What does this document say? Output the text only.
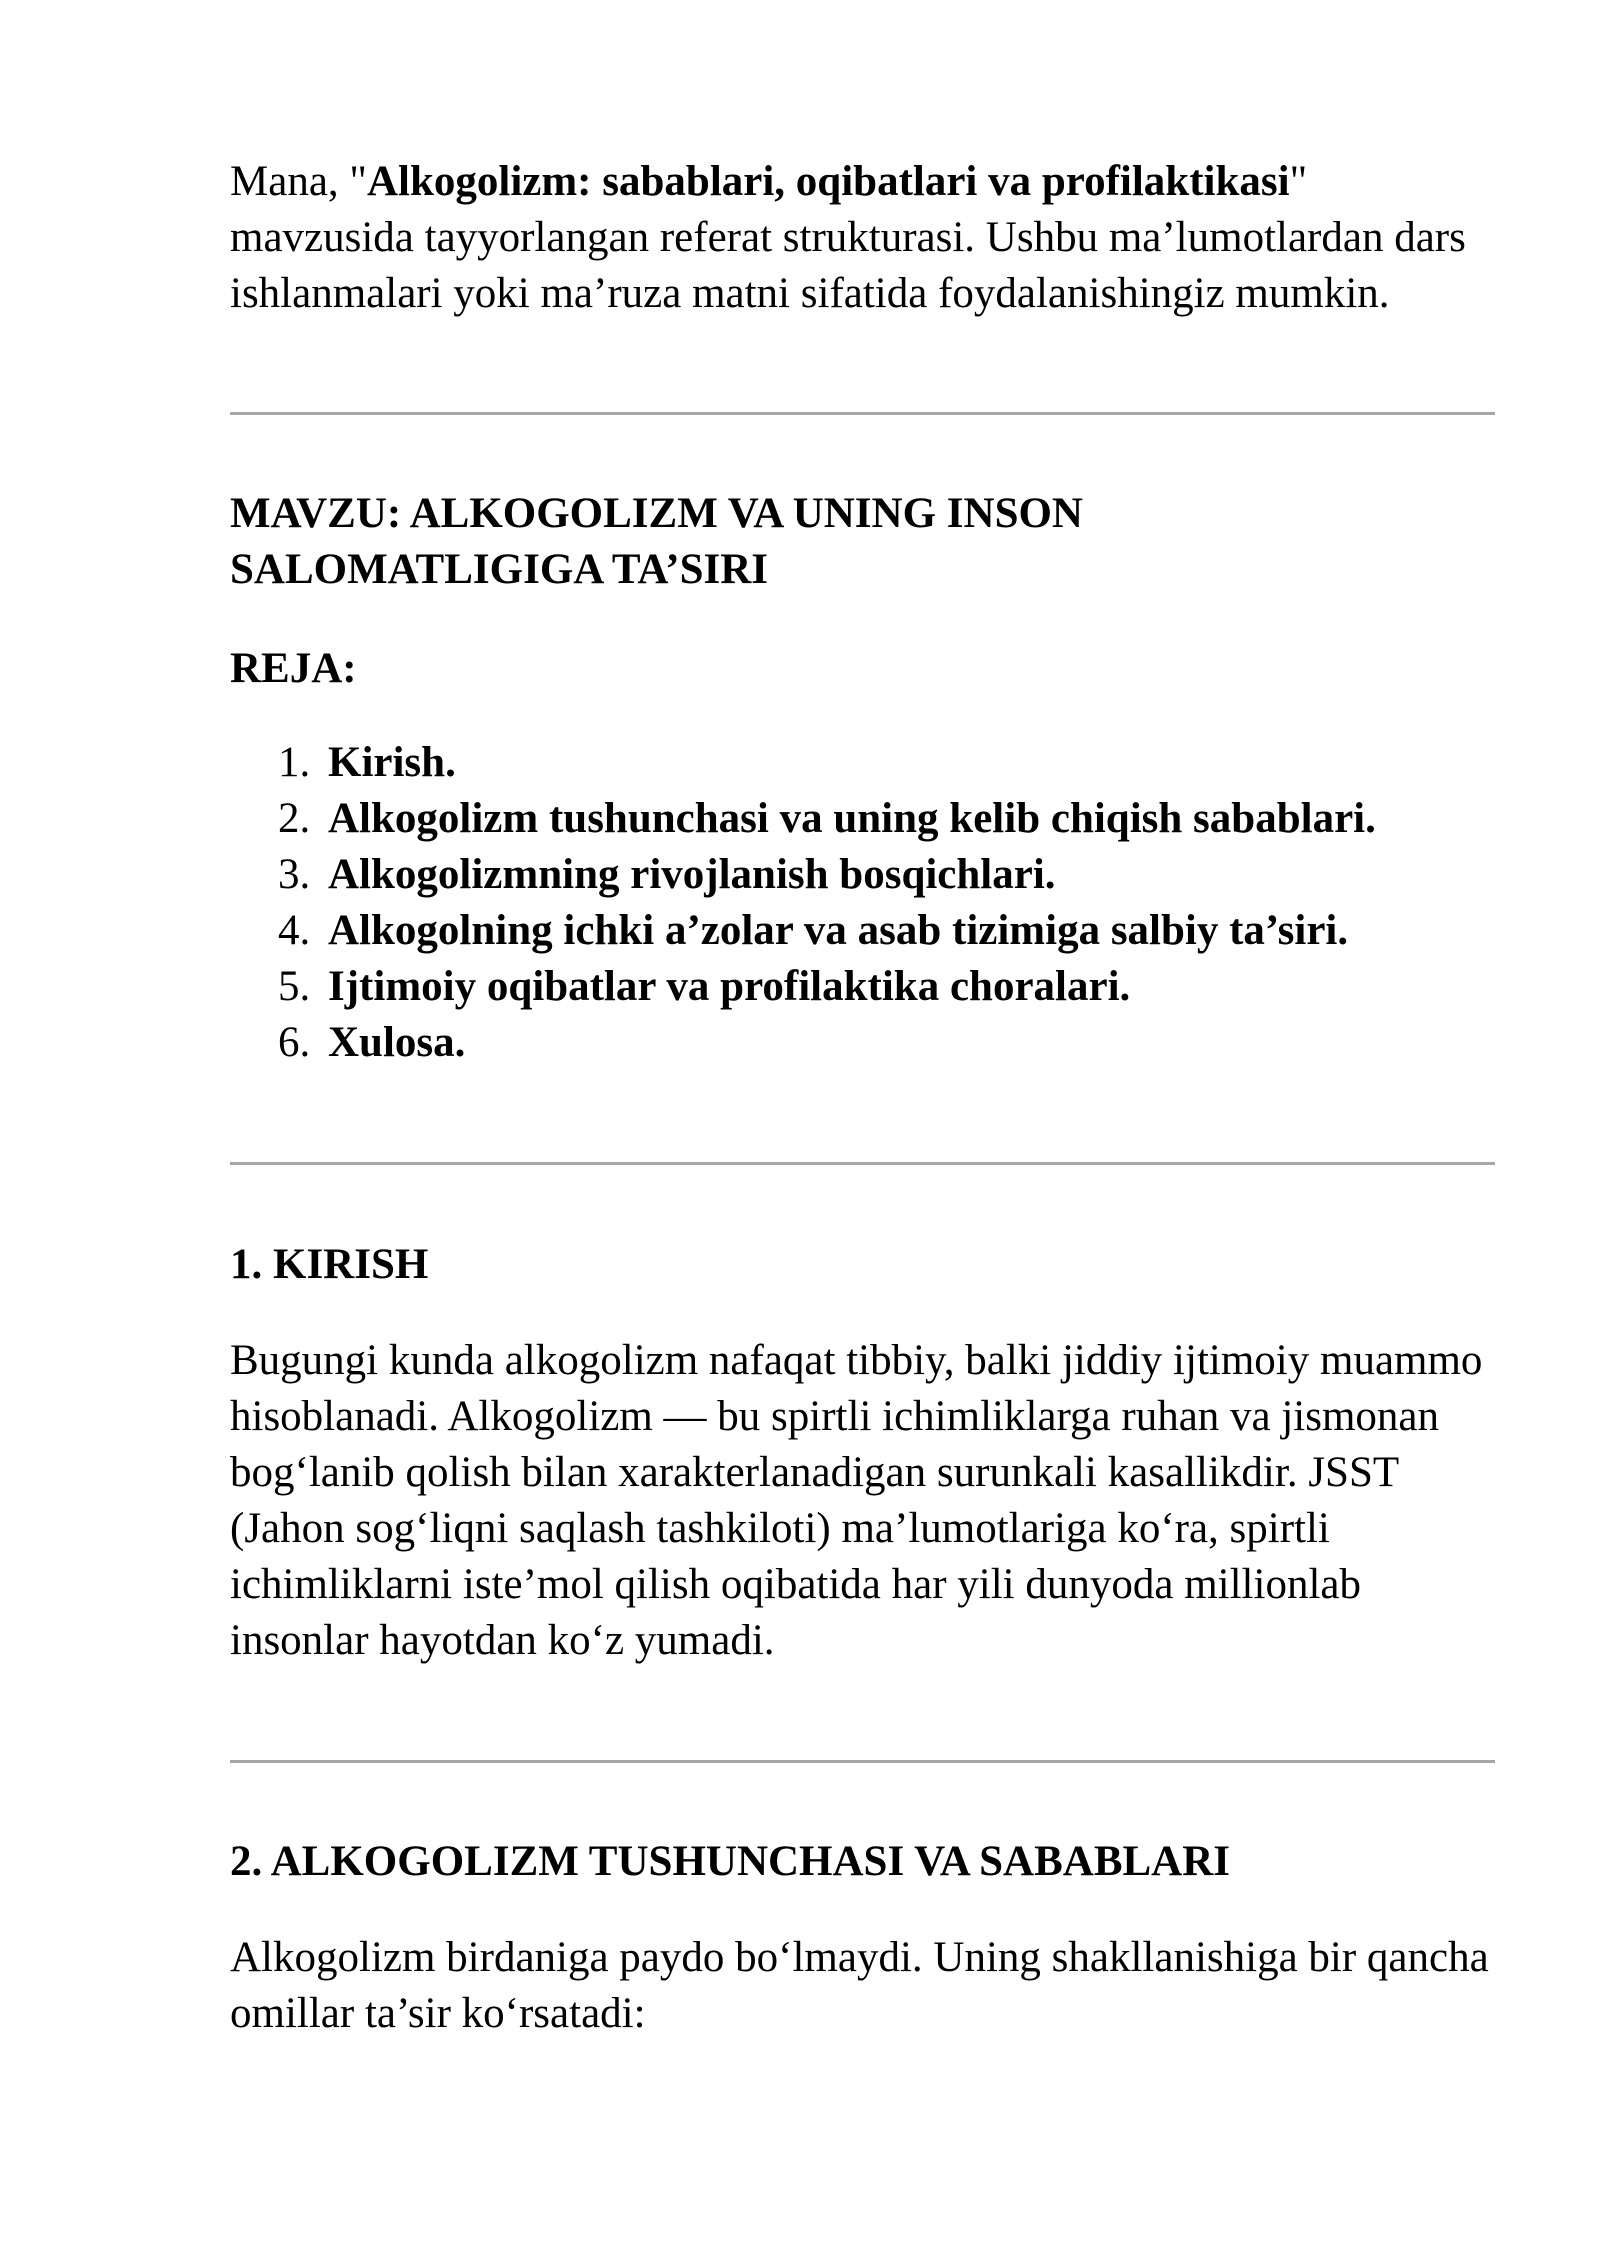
Mana, "Alkogolizm: sabablari, oqibatlari va profilaktikasi" mavzusida tayyorlangan referat strukturasi. Ushbu ma’lumotlardan dars ishlanmalari yoki ma’ruza matni sifatida foydalanishingiz mumkin.

MAVZU: ALKOGOLIZM VA UNING INSON
SALOMATLIGIGA TA’SIRI
REJA:
1. Kirish.
2. Alkogolizm tushunchasi va uning kelib chiqish sabablari.
3. Alkogolizmning rivojlanish bosqichlari.
4. Alkogolning ichki a’zolar va asab tizimiga salbiy ta’siri.
5. Ijtimoiy oqibatlar va profilaktika choralari.
6. Xulosa.
1. KIRISH

Bugungi kunda alkogolizm nafaqat tibbiy, balki jiddiy ijtimoiy muammo hisoblanadi. Alkogolizm — bu spirtli ichimliklarga ruhan va jismonan bog‘lanib qolish bilan xarakterlanadigan surunkali kasallikdir. JSST (Jahon sog‘liqni saqlash tashkiloti) ma’lumotlariga ko‘ra, spirtli ichimliklarni iste’mol qilish oqibatida har yili dunyoda millionlab insonlar hayotdan ko‘z yumadi.

2. ALKOGOLIZM TUSHUNCHASI VA SABABLARI

Alkogolizm birdaniga paydo bo‘lmaydi. Uning shakllanishiga bir qancha omillar ta’sir ko‘rsatadi:
